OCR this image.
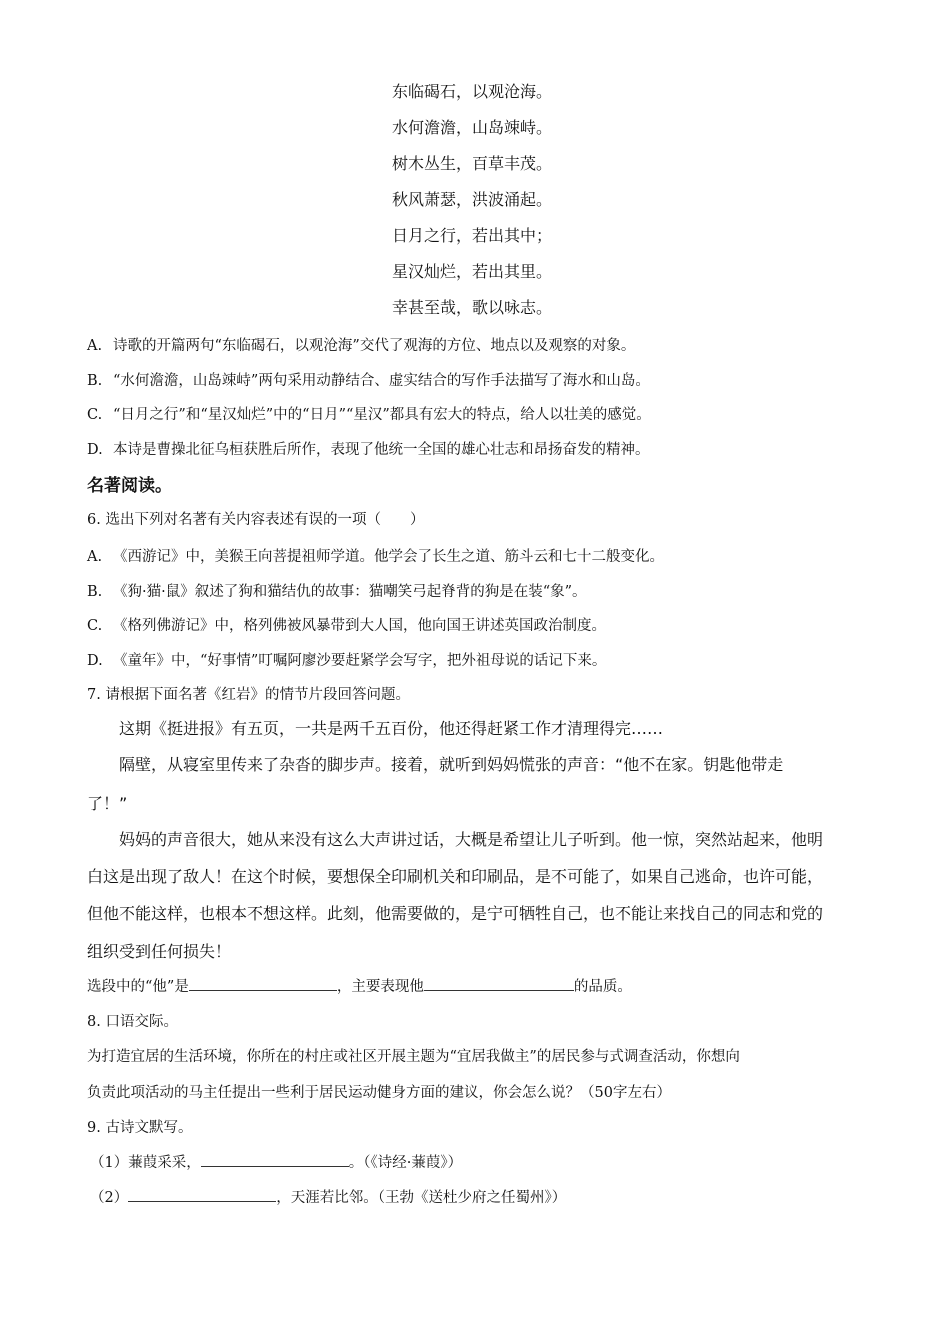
东临碣石，以观沧海。
水何澹澹，山岛竦峙。
树木丛生，百草丰茂。
秋风萧瑟，洪波涌起。
日月之行，若出其中；
星汉灿烂，若出其里。
幸甚至哉，歌以咏志。
A. 诗歌的开篇两句“东临碣石，以观沧海”交代了观海的方位、地点以及观察的对象。
B. “水何澹澹，山岛竦峙”两句采用动静结合、虚实结合的写作手法描写了海水和山岛。
C. “日月之行”和“星汉灿烂”中的“日月”“星汉”都具有宏大的特点，给人以壮美的感觉。
D. 本诗是曹操北征乌桓获胜后所作，表现了他统一全国的雄心壮志和昂扬奋发的精神。
名著阅读。
6. 选出下列对名著有关内容表述有误的一项（　　）
A. 《西游记》中，美猴王向菩提祖师学道。他学会了长生之道、筋斗云和七十二般变化。
B. 《狗·猫·鼠》叙述了狗和猫结仇的故事：猫嘲笑弓起脊背的狗是在装“象”。
C. 《格列佛游记》中，格列佛被风暴带到大人国，他向国王讲述英国政治制度。
D. 《童年》中，“好事情”叮嘱阿廖沙要赶紧学会写字，把外祖母说的话记下来。
7. 请根据下面名著《红岩》的情节片段回答问题。
这期《挺进报》有五页，一共是两千五百份，他还得赶紧工作才清理得完……
隔壁，从寝室里传来了杂沓的脚步声。接着，就听到妈妈慌张的声音：“他不在家。钥匙他带走
了！”
妈妈的声音很大，她从来没有这么大声讲过话，大概是希望让儿子听到。他一惊，突然站起来，他明
白这是出现了敌人！在这个时候，要想保全印刷机关和印刷品，是不可能了，如果自己逃命，也许可能，
但他不能这样，也根本不想这样。此刻，他需要做的，是宁可牺牲自己，也不能让来找自己的同志和党的
组织受到任何损失！
选段中的“他”是	，主要表现他	的品质。
8. 口语交际。
为打造宜居的生活环境，你所在的村庄或社区开展主题为“宜居我做主”的居民参与式调查活动，你想向
负责此项活动的马主任提出一些利于居民运动健身方面的建议，你会怎么说？（50字左右）
9. 古诗文默写。
（1）蒹葭采采，	。（《诗经·蒹葭》）
（2）	，天涯若比邻。（王勃《送杜少府之任蜀州》）
